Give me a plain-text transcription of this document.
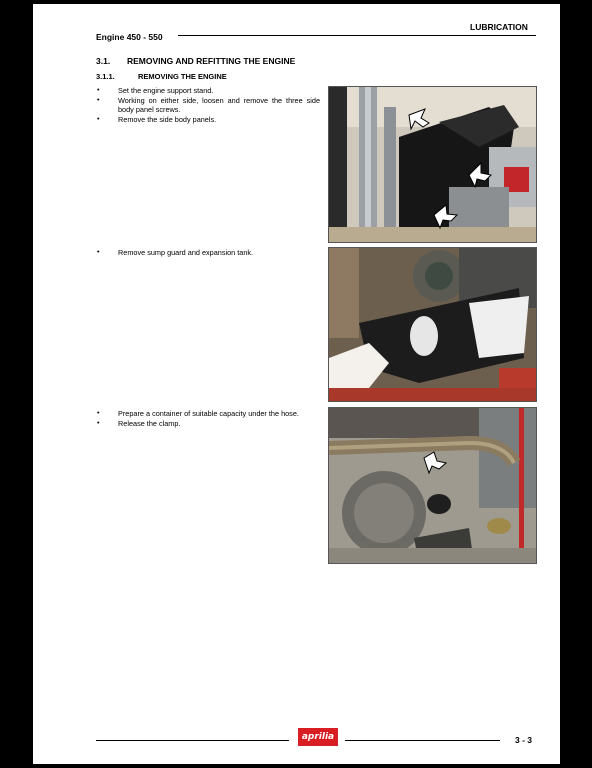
LUBRICATION
Engine 450 - 550
3.1. REMOVING AND REFITTING THE ENGINE
3.1.1.	REMOVING THE ENGINE
•	Set the engine support stand.
•	Working on either side, loosen and remove the three side body panel screws.
•	Remove the side body panels.
•	Remove sump guard and expansion tank.
•	Prepare a container of suitable capacity under the hose.
•	Release the clamp.
aprilia	3 - 3
